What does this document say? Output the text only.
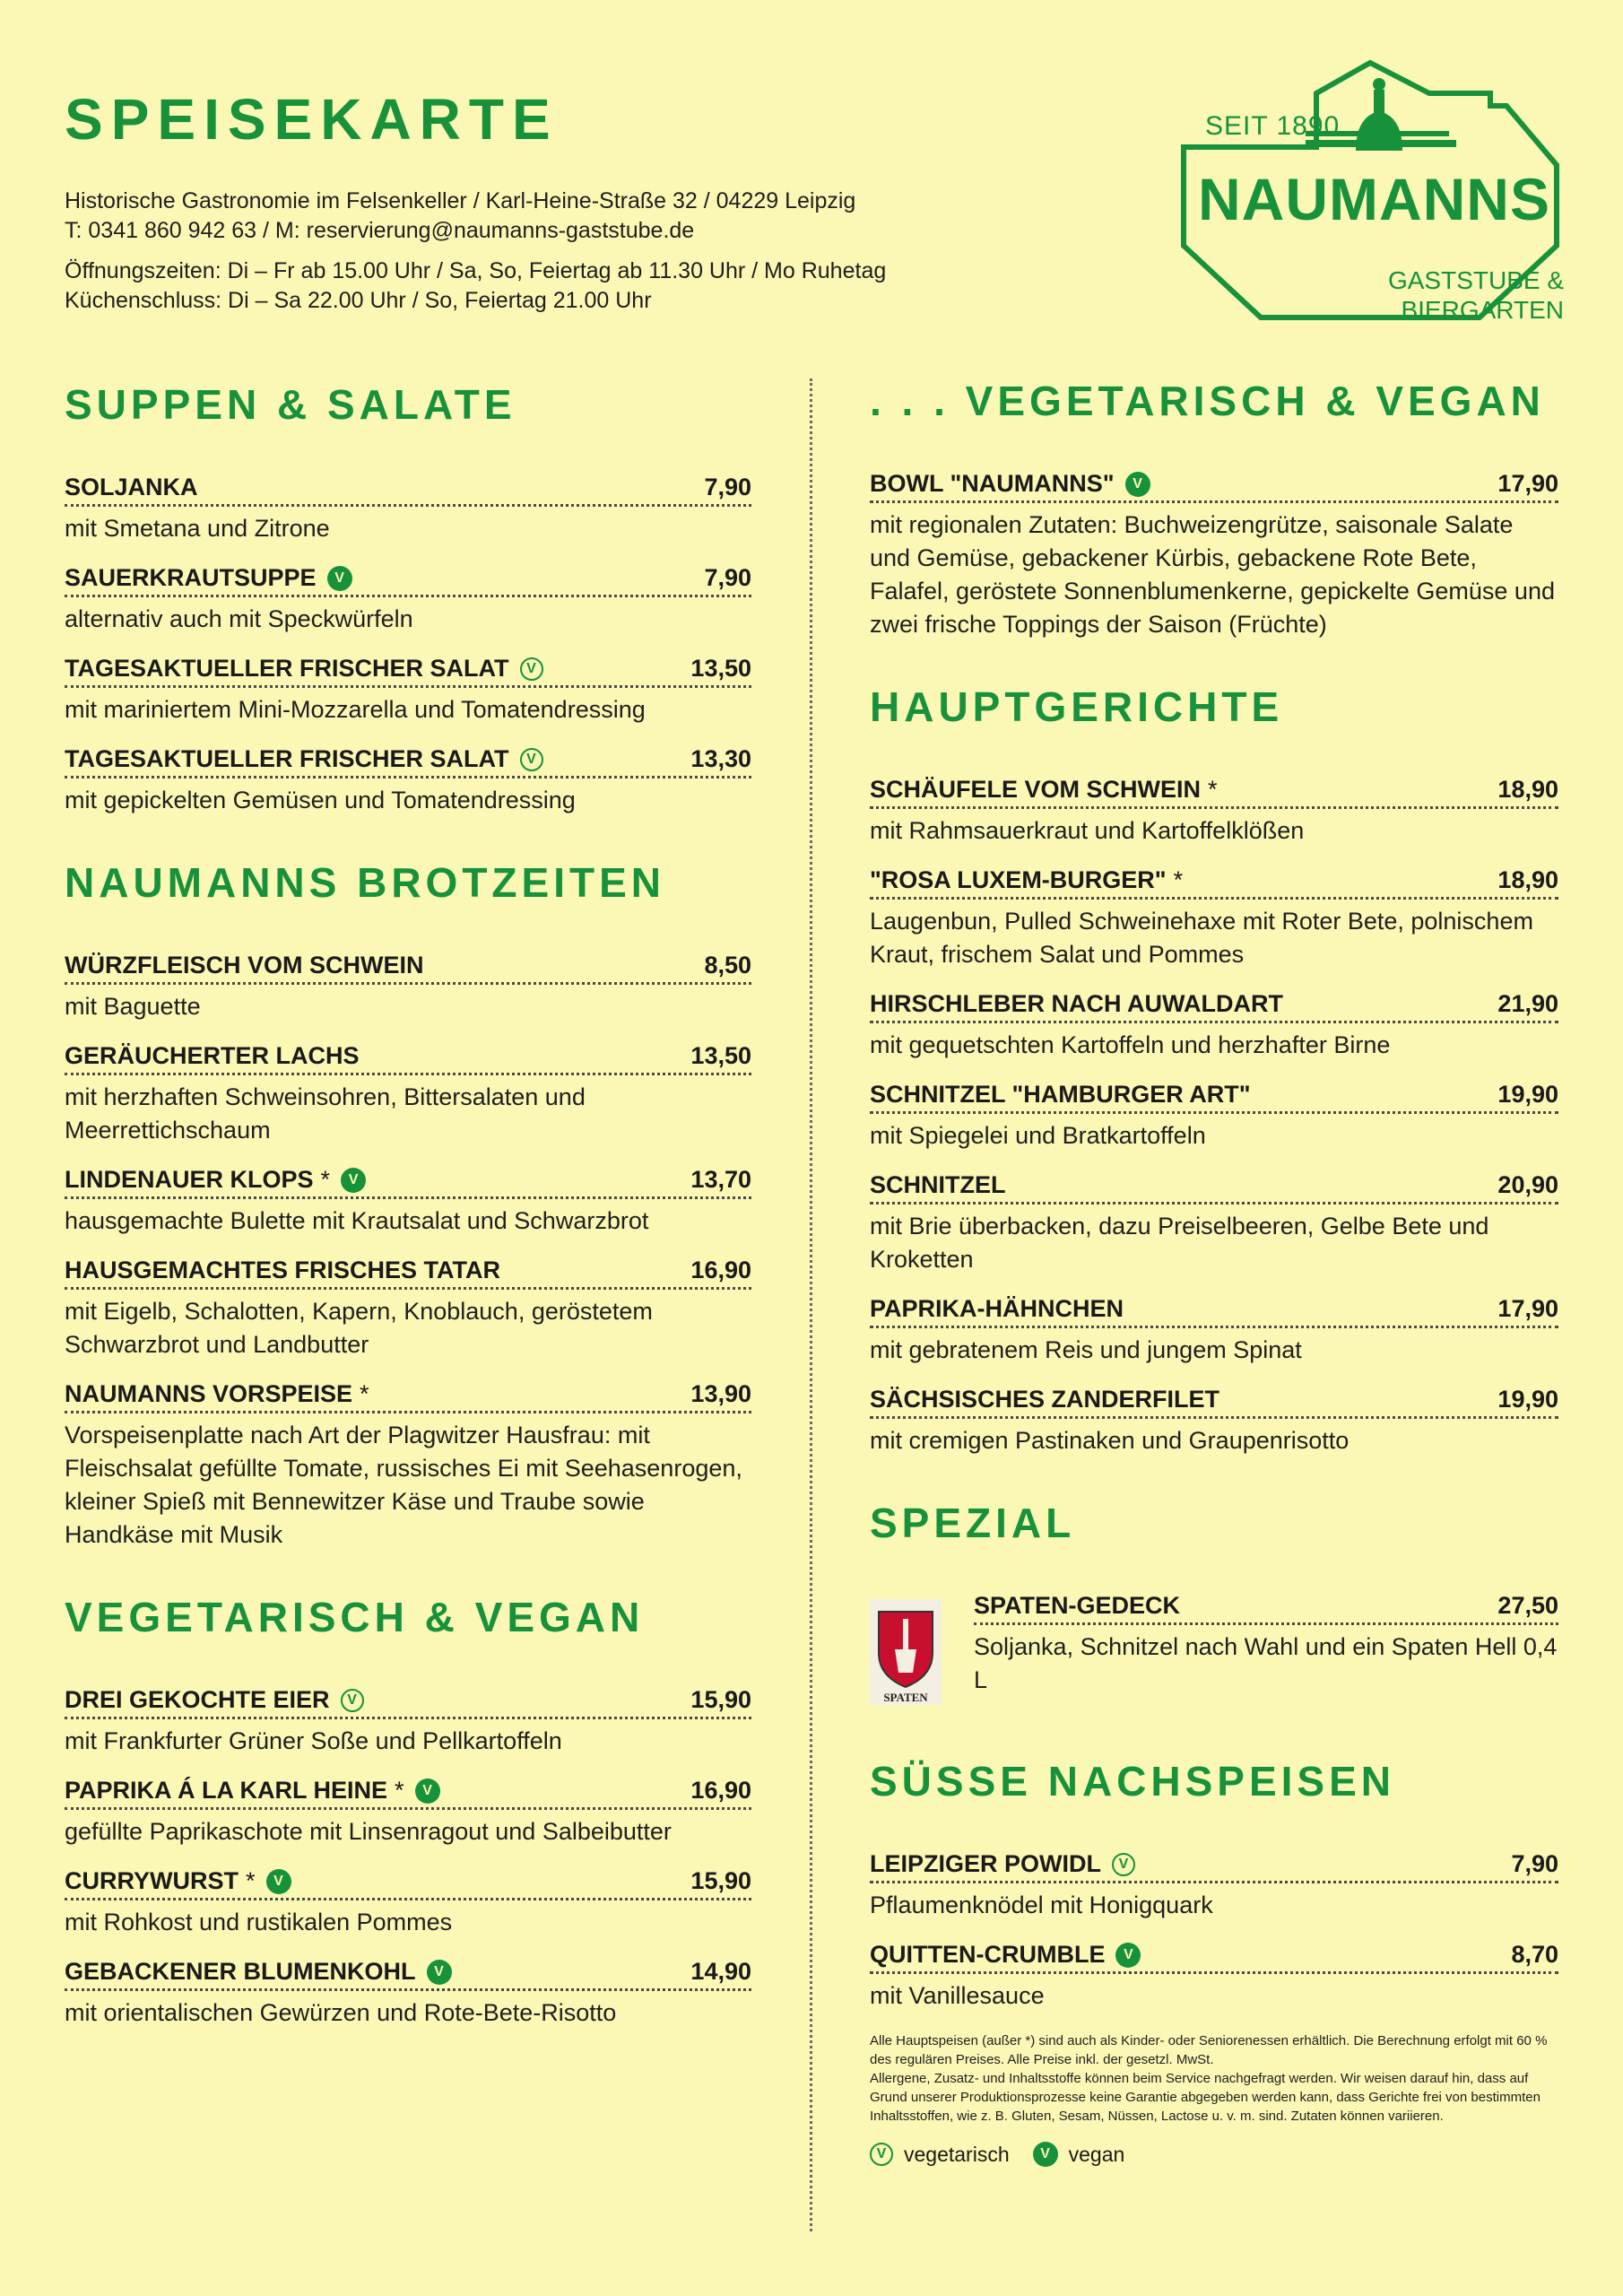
SPEISEKARTE
Historische Gastronomie im Felsenkeller / Karl-Heine-Straße 32 / 04229 Leipzig
T: 0341 860 942 63 / M: reservierung@naumanns-gaststube.de
Öffnungszeiten: Di – Fr ab 15.00 Uhr / Sa, So, Feiertag ab 11.30 Uhr / Mo Ruhetag
Küchenschluss: Di – Sa 22.00 Uhr / So, Feiertag 21.00 Uhr
SEIT 1890
NAUMANNS
GASTSTUBE &
BIERGARTEN
SUPPEN & SALATE
SOLJANKA	7,90
mit Smetana und Zitrone
SAUERKRAUTSUPPE	V	7,90
alternativ auch mit Speckwürfeln
TAGESAKTUELLER FRISCHER SALAT	V	13,50
mit mariniertem Mini-Mozzarella und Tomatendressing
TAGESAKTUELLER FRISCHER SALAT	V	13,30
mit gepickelten Gemüsen und Tomatendressing
NAUMANNS BROTZEITEN
WÜRZFLEISCH VOM SCHWEIN	8,50
mit Baguette
GERÄUCHERTER LACHS	13,50
mit herzhaften Schweinsohren, Bittersalaten und Meerrettichschaum
LINDENAUER KLOPS *	V	13,70
hausgemachte Bulette mit Krautsalat und Schwarzbrot
HAUSGEMACHTES FRISCHES TATAR	16,90
mit Eigelb, Schalotten, Kapern, Knoblauch, geröstetem Schwarzbrot und Landbutter
NAUMANNS VORSPEISE *	13,90
Vorspeisenplatte nach Art der Plagwitzer Hausfrau: mit Fleischsalat gefüllte Tomate, russisches Ei mit Seehasenrogen, kleiner Spieß mit Bennewitzer Käse und Traube sowie Handkäse mit Musik
VEGETARISCH & VEGAN
DREI GEKOCHTE EIER	V	15,90
mit Frankfurter Grüner Soße und Pellkartoffeln
PAPRIKA Á LA KARL HEINE *	V	16,90
gefüllte Paprikaschote mit Linsenragout und Salbeibutter
CURRYWURST *	V	15,90
mit Rohkost und rustikalen Pommes
GEBACKENER BLUMENKOHL	V	14,90
mit orientalischen Gewürzen und Rote-Bete-Risotto
. . . VEGETARISCH & VEGAN
BOWL "NAUMANNS"	V	17,90
mit regionalen Zutaten: Buchweizengrütze, saisonale Salate und Gemüse, gebackener Kürbis, gebackene Rote Bete, Falafel, geröstete Sonnenblumenkerne, gepickelte Gemüse und zwei frische Toppings der Saison (Früchte)
HAUPTGERICHTE
SCHÄUFELE VOM SCHWEIN *	18,90
mit Rahmsauerkraut und Kartoffelklößen
"ROSA LUXEM-BURGER" *	18,90
Laugenbun, Pulled Schweinehaxe mit Roter Bete, polnischem Kraut, frischem Salat und Pommes
HIRSCHLEBER NACH AUWALDART	21,90
mit gequetschten Kartoffeln und herzhafter Birne
SCHNITZEL "HAMBURGER ART"	19,90
mit Spiegelei und Bratkartoffeln
SCHNITZEL	20,90
mit Brie überbacken, dazu Preiselbeeren, Gelbe Bete und Kroketten
PAPRIKA-HÄHNCHEN	17,90
mit gebratenem Reis und jungem Spinat
SÄCHSISCHES ZANDERFILET	19,90
mit cremigen Pastinaken und Graupenrisotto
SPEZIAL
SPATEN
SPATEN-GEDECK	27,50
Soljanka, Schnitzel nach Wahl und ein Spaten Hell 0,4 L
SÜSSE NACHSPEISEN
LEIPZIGER POWIDL	V	7,90
Pflaumenknödel mit Honigquark
QUITTEN-CRUMBLE	V	8,70
mit Vanillesauce
Alle Hauptspeisen (außer *) sind auch als Kinder- oder Seniorenessen erhältlich. Die Berechnung erfolgt mit 60 % des regulären Preises. Alle Preise inkl. der gesetzl. MwSt.
Allergene, Zusatz- und Inhaltsstoffe können beim Service nachgefragt werden. Wir weisen darauf hin, dass auf Grund unserer Produktionsprozesse keine Garantie abgegeben werden kann, dass Gerichte frei von bestimmten Inhaltsstoffen, wie z. B. Gluten, Sesam, Nüssen, Lactose u. v. m. sind. Zutaten können variieren.
V vegetarisch	V vegan
